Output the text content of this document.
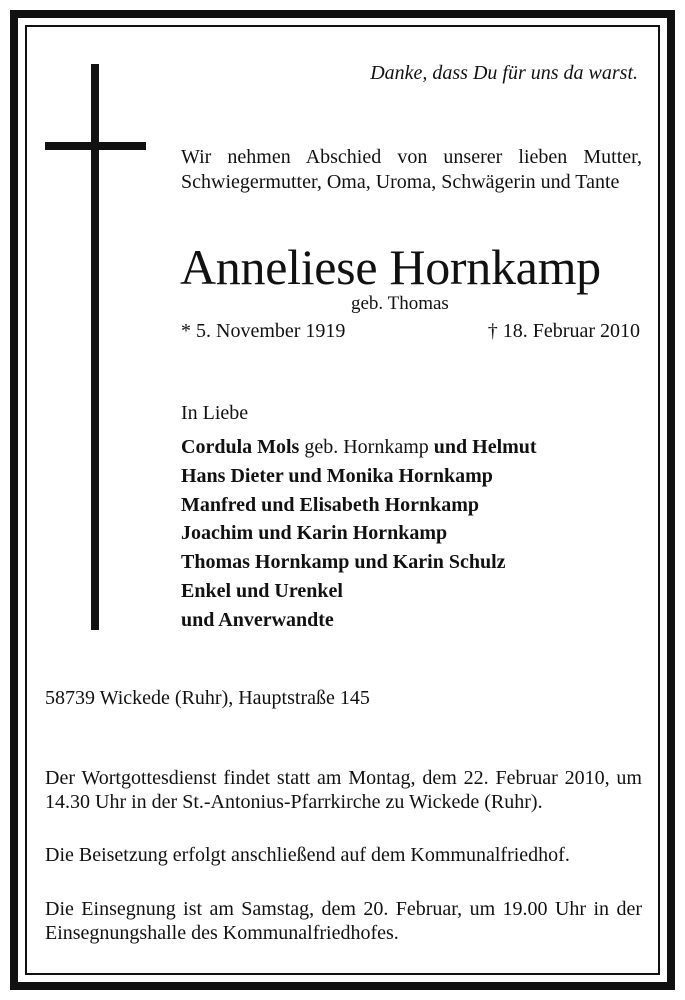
Danke, dass Du für uns da warst.
Wir nehmen Abschied von unserer lieben Mutter, Schwiegermutter, Oma, Uroma, Schwägerin und Tante
Anneliese Hornkamp
geb. Thomas
* 5. November 1919	† 18. Februar 2010
In Liebe
Cordula Mols geb. Hornkamp und Helmut
Hans Dieter und Monika Hornkamp
Manfred und Elisabeth Hornkamp
Joachim und Karin Hornkamp
Thomas Hornkamp und Karin Schulz
Enkel und Urenkel
und Anverwandte
58739 Wickede (Ruhr), Hauptstraße 145
Der Wortgottesdienst findet statt am Montag, dem 22. Februar 2010, um 14.30 Uhr in der St.-Antonius-Pfarrkirche zu Wickede (Ruhr).
Die Beisetzung erfolgt anschließend auf dem Kommunalfriedhof.
Die Einsegnung ist am Samstag, dem 20. Februar, um 19.00 Uhr in der Einsegnungshalle des Kommunalfriedhofes.
